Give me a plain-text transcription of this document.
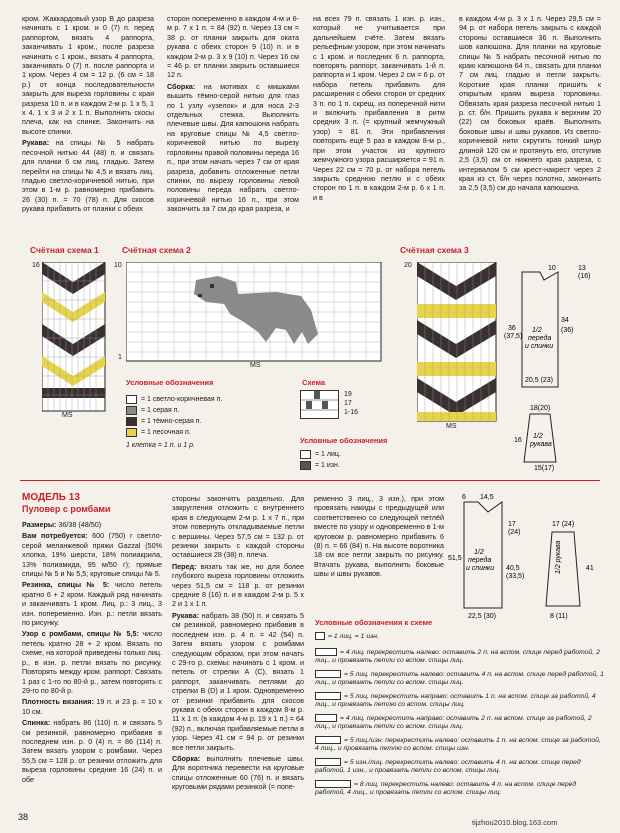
кром. Жаккардовый узор В до разреза начинать с 1 кром. и 0 (7) п. перед раппортом, вязать 4 раппорта, заканчивать 1 кром., после разреза начинать с 1 кром., вязать 4 раппорта, заканчивать 0 (7) п. после раппорта и 1 кром. Через 4 см = 12 р. (6 см = 18 р.) от конца последовательности закрыть для выреза горловины с края разреза 10 п. и в каждом 2-м р. 1 х 5, 1 х 4, 1 х 3 и 2 х 1 п. Выполнить скосы плеча, как на спинке. Закончить на высоте спинки.

Рукава: на спицы № 5 набрать песочной нитью 44 (48) п. и связать для планки 6 см лиц. гладью. Затем перейти на спицы № 4,5 и вязать лиц. гладью светло-коричневой нитью, при этом в 1-м р. равномерно прибавить 26 (30) п. = 70 (78) п. Для скосов рукава прибавить от планки с обеих

сторон попеременно в каждом 4-м и 6-м р. 7 х 1 п. = 84 (92) п. Через 13 см = 38 р. от планки закрыть для оката рукава с обеих сторон 9 (10) п. и в каждом 2-м р. 3 х 9 (10) п. Через 16 см = 46 р. от планки закрыть оставшиеся 12 п.

Сборка: на мотивах с мишками вышить тёмно-серой нитью для глаз по 1 узлу «узелок» и для носа 2-3 отдельных стежка. Выполнить плечевые швы. Для капюшона набрать на круговые спицы № 4,5 светло-коричневой нитью по вырезу горловины правой половины переда 16 п., при этом начать через 7 см от края разреза, добавить отложенные петли спинки, по вырезу горловины левой половины переда набрать светло-коричневой нитью 16 п., при этом закончить за 7 см до края разреза, и

на всех 79 п. связать 1 изн. р. изн., который не учитывается при дальнейшем счёте. Затем вязать рельефным узором, при этом начинать с 1 кром. и последних 6 п. раппорта, повторять раппорт, заканчивать 1-й п. раппорта и 1 кром. Через 2 см = 6 р. от набора петель прибавить для расширения с обеих сторон от средних 3 п. по 1 п. скрещ. из поперечной нити и включить прибавления в ритм средних 3 п. (= крупный жемчужный узор) = 81 п. Эти прибавления повторить ещё 5 раз в каждом 8-м р., при этом участок из крупного жемчужного узора расширяется = 91 п. Через 22 см = 70 р. от набора петель закрыть среднюю петлю и с обеих сторон по 1 п. в каждом 2-м р. 6 х 1 п. и в

в каждом 4-м р. 3 х 1 п. Через 29,5 см = 94 р. от набора петель закрыть с каждой стороны оставшиеся 36 п. Выполнить шов капюшона. Для планки на круговые спицы № 5 набрать песочной нитью по краю капюшона 64 п., связать для планки 7 см лиц. гладью и петли закрыть. Короткие края планки пришить к открытым краям выреза горловины. Обвязать края разреза песочной нитью 1 р. ст. б/н. Пришить рукава к верхним 20 (22) см боковых краёв. Выполнить боковые швы и швы рукавов. Из светло-коричневой нити скрутить тонкий шнур длиной 120 см и протянуть его, отступив 2,5 (3,5) см от нижнего края разреза, с интервалом 5 см крест-накрест через 2 края из ст. б/н через полотно, закончить за 2,5 (3,5) см до начала капюшона.

Счётная схема 1
16
MS
Счётная схема 2
10
1
MS
Счётная схема 3
20
MS
Условные обозначения
= 1 светло-коричневая п.
= 1 серая п.
= 1 тёмно-серая п.
= 1 песочная п.
1 клетка = 1 п. и 1 р.
Схема
19
17
1-16
Условные обозначения
= 1 лиц.
= 1 изн.
1/2
переда
и спинки
36
(37,5)
34
(36)
20,5 (23)
10	13
(16)
18(20)
1/2
рукава
15(17)
16
МОДЕЛЬ 13
Пуловер с ромбами

Размеры: 36/38 (48/50)

Вам потребуется: 600 (750) г светло-серой меланжевой пряжи Gazzal (50% хлопка, 19% шерсти, 18% полиакрила, 13% полиамида, 95 м/50 г); прямые спицы № 5 и № 5,5; круговые спицы № 5.

Резинка, спицы № 5: число петель кратно 6 + 2 кром. Каждый ряд начинать и заканчивать 1 кром. Лиц. р.: 3 лиц., 3 изн. попеременно. Изн. р.: петли вязать по рисунку.

Узор с ромбами, спицы № 5,5: число петель кратно 28 + 2 кром. Вязать по схеме, на которой приведены только лиц. р., в изн. р. петли вязать по рисунку. Повторять между кром. раппорт. Связать 1 раз с 1-го по 80-й р., затем повторять с 29-го по 80-й р.

Плотность вязания: 19 п. и 23 р. = 10 х 10 см.

Спинка: набрать 86 (110) п. и связать 5 см резинкой, равномерно прибавив в последнем изн. р. 0 (4) п. = 86 (114) п. Затем вязать узором с ромбами. Через 55,5 см = 128 р. от резинки отложить для выреза горловины средние 16 (24) п. и обе

стороны закончить раздельно. Для закругления отложить с внутреннего края в следующем 2-м р. 1 х 7 п., при этом повернуть откладываемые петли с вершины. Через 57,5 см = 132 р. от резинки закрыть с каждой стороны оставшиеся 28 (38) п. плеча.

Перед: вязать так же, но для более глубокого выреза горловины отложить через 51,5 см = 118 р. от резинки средние 8 (16) п. и в каждом 2-м р. 5 х 2 и 1 х 1 п.

Рукава: набрать 38 (50) п. и связать 5 см резинкой, равномерно прибавив в последнем изн. р. 4 п. = 42 (54) п. Затем вязать узором с ромбами следующим образом, при этом начать с 29-го р. схемы: начинать с 1 кром. и петель от стрелки А (С), вязать 1 раппорт, заканчивать петлями до стрелки В (D) и 1 кром. Одновременно от резинки прибавить для скосов рукава с обеих сторон в каждом 8-м р. 11 х 1 п. (в каждом 4-м р. 19 х 1 п.) = 64 (92) п., включая прибавляемые петли в узор. Через 41 см = 94 р. от резинки все петли закрыть.

Сборка: выполнить плечевые швы. Для воротника перевести на круговые спицы отложенные 60 (76) п. и вязать круговыми рядами резинкой (= попе-

ременно 3 лиц., 3 изн.), при этом провязать накиды с предыдущей или соответственно со следующей петлёй вместе по узору и одновременно в 1-м круговом р. равномерно прибавить 6 (8) п. = 66 (84) п. На высоте воротника 18 см все петли закрыть по рисунку. Втачать рукава, выполнить боковые швы и швы рукавов.

1/2
переда
и спинки
51,5
40,5
(33,5)
22,5 (30)
6 14,5
17
(24)
1/2 рукава
17 (24)
41
8 (11)
Условные обозначения к схеме
= 1 лиц. = 1 изн.
= 4 лиц. перекрестить налево: оставить 2 п. на вспом. спице перед работой, 2 лиц., и провязать петли со вспом. спицы лиц.
= 5 лиц. перекрестить налево: оставить 4 п. на вспом. спице перед работой, 1 лиц., и провязать петли со вспом. спицы лиц.
= 5 лиц. перекрестить направо: оставить 1 п. на вспом. спице за работой, 4 лиц., и провязать петлю со вспом. спицы лиц.
= 4 лиц. перекрестить направо: оставить 2 п. на вспом. спице за работой, 2 лиц., и провязать петли со вспом. спицы лиц.
= 5 лиц./изн. перекрестить налево: оставить 1 п. на вспом. спице за работой, 4 лиц., и провязать петлю со вспом. спицы изн.
= 5 изн./лиц. перекрестить налево: оставить 4 п. на вспом. спице перед работой, 1 изн., и провязать петли со вспом. спицы лиц.
= 8 лиц. перекрестить налево: оставить 4 п. на вспом. спице перед работой, 4 лиц., и провязать петли со вспом. спицы лиц.
38
tijzhou2010.blog.163.com
